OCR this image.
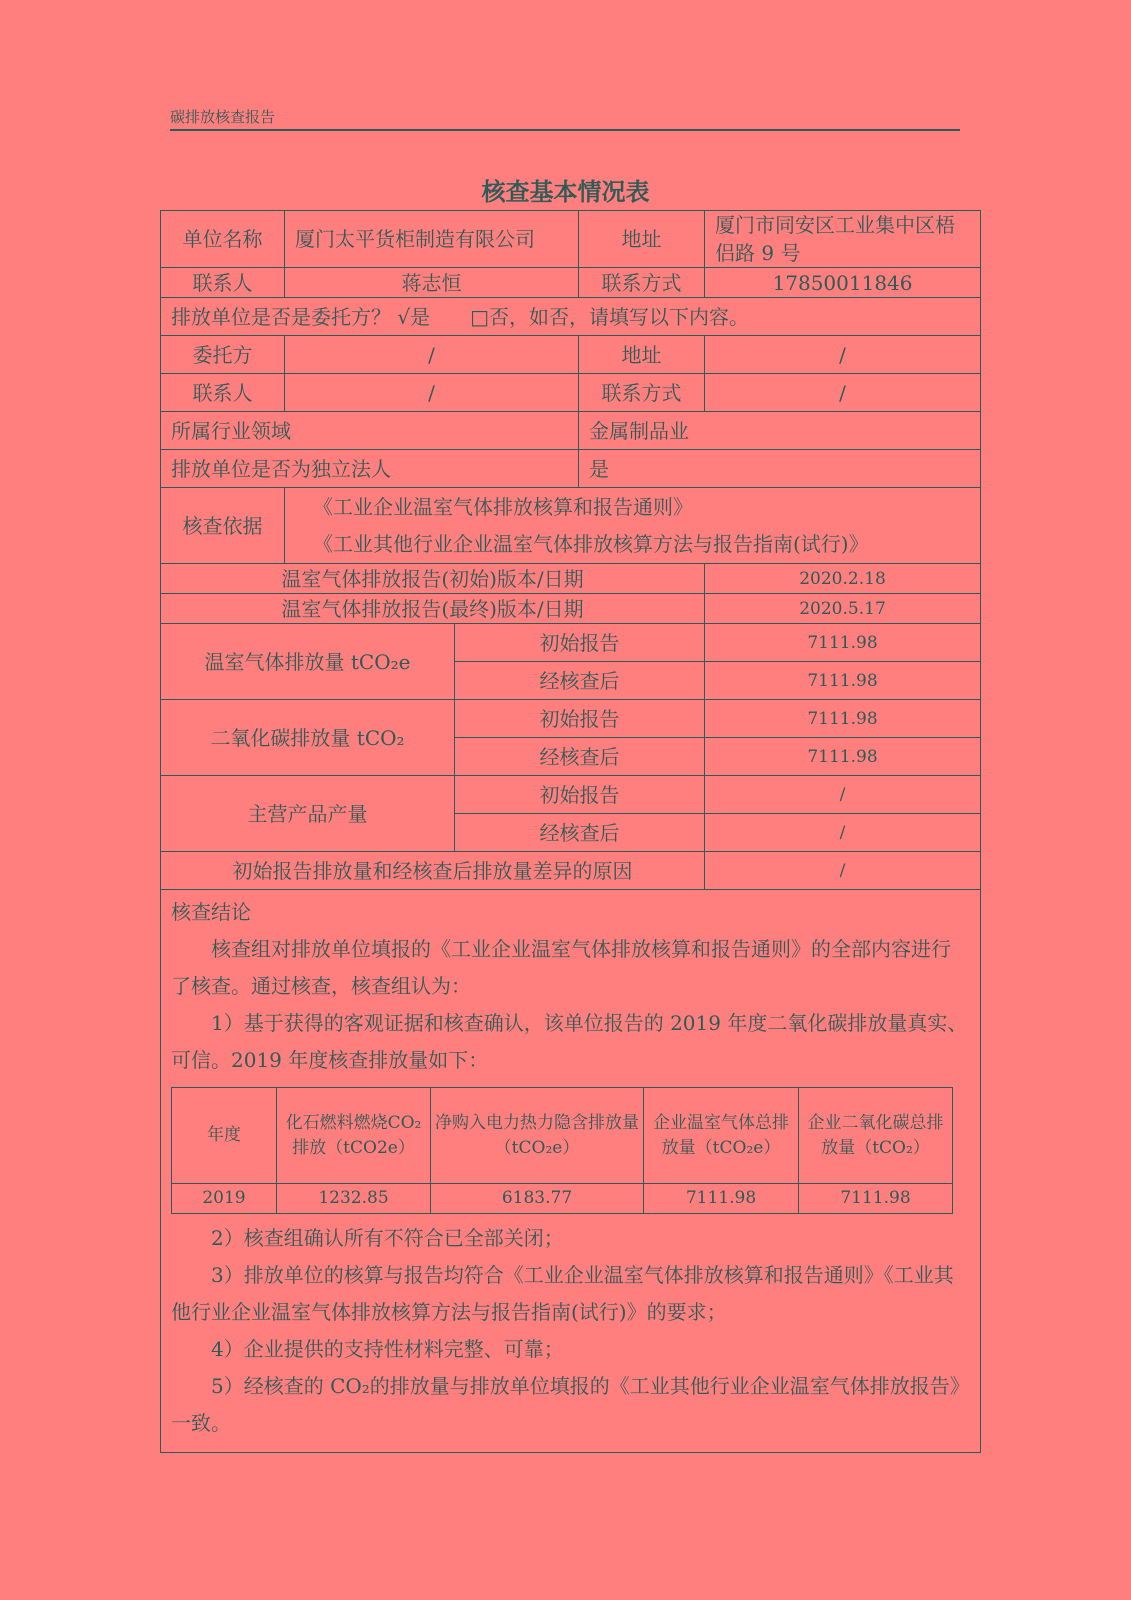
碳排放核查报告
核查基本情况表
单位名称	厦门太平货柜制造有限公司	地址	厦门市同安区工业集中区梧侣路 9 号
联系人	蒋志恒	联系方式	17850011846
排放单位是否是委托方？ √是　　□否，如否，请填写以下内容。
委托方	/	地址	/
联系人	/	联系方式	/
所属行业领域	金属制品业
排放单位是否为独立法人	是
核查依据	

《工业企业温室气体排放核算和报告通则》

《工业其他行业企业温室气体排放核算方法与报告指南(试行)》

温室气体排放报告(初始)版本/日期	2020.2.18
温室气体排放报告(最终)版本/日期	2020.5.17
温室气体排放量 tCO₂e	初始报告	7111.98
经核查后	7111.98
二氧化碳排放量 tCO₂	初始报告	7111.98
经核查后	7111.98
主营产品产量	初始报告	/
经核查后	/
初始报告排放量和经核查后排放量差异的原因	/

核查结论

核查组对排放单位填报的《工业企业温室气体排放核算和报告通则》的全部内容进行了核查。通过核查，核查组认为：

1）基于获得的客观证据和核查确认，该单位报告的 2019 年度二氧化碳排放量真实、可信。2019 年度核查排放量如下：

年度	化石燃料燃烧CO₂排放（tCO2e）	净购入电力热力隐含排放量（tCO₂e）	企业温室气体总排放量（tCO₂e）	企业二氧化碳总排放量（tCO₂）
2019	1232.85	6183.77	7111.98	7111.98

2）核查组确认所有不符合已全部关闭；

3）排放单位的核算与报告均符合《工业企业温室气体排放核算和报告通则》《工业其他行业企业温室气体排放核算方法与报告指南(试行)》的要求；

4）企业提供的支持性材料完整、可靠；

5）经核查的 CO₂的排放量与排放单位填报的《工业其他行业企业温室气体排放报告》一致。
